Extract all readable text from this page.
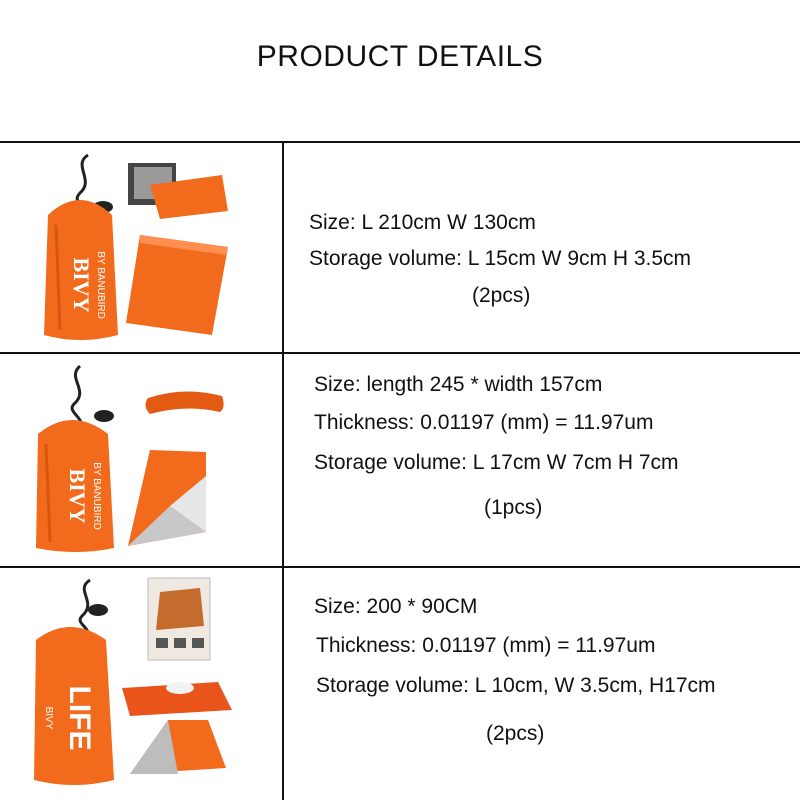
PRODUCT DETAILS
BIVY BY BANUBIRD
Size: L 210cm W 130cm
Storage volume: L 15cm W 9cm H 3.5cm
(2pcs)
BIVY BY BANUBIRD
Size: length 245 * width 157cm
Thickness: 0.01197 (mm) = 11.97um
Storage volume: L 17cm W 7cm H 7cm
(1pcs)
LIFE
BIVY
Size: 200 * 90CM
Thickness: 0.01197 (mm) = 11.97um
Storage volume: L 10cm, W 3.5cm, H17cm
(2pcs)
